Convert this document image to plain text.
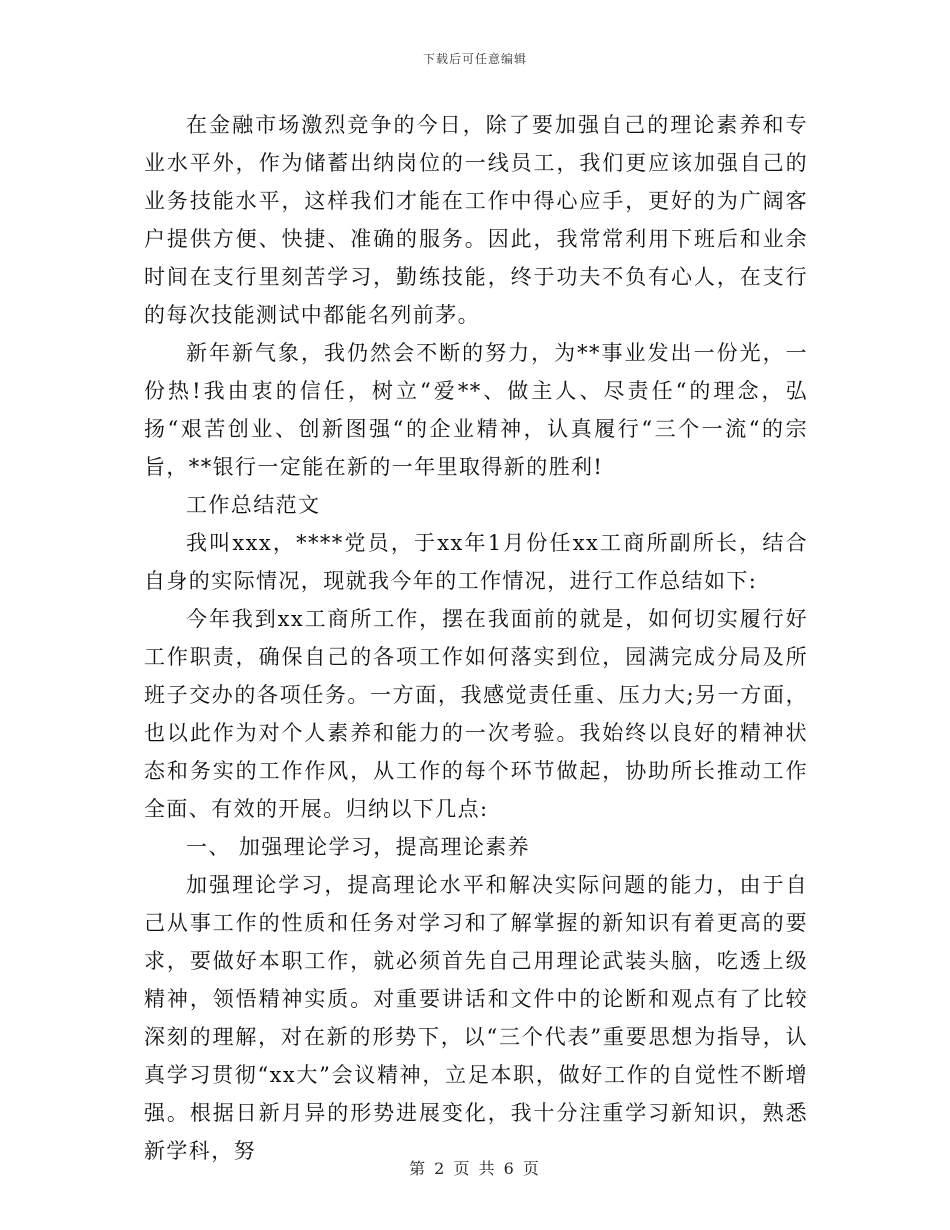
下载后可任意编辑

在金融市场激烈竞争的今日，除了要加强自己的理论素养和专业水平外，作为储蓄出纳岗位的一线员工，我们更应该加强自己的业务技能水平，这样我们才能在工作中得心应手，更好的为广阔客户提供方便、快捷、准确的服务。因此，我常常利用下班后和业余时间在支行里刻苦学习，勤练技能，终于功夫不负有心人，在支行的每次技能测试中都能名列前茅。

新年新气象，我仍然会不断的努力，为**事业发出一份光，一份热!我由衷的信任，树立“爱**、做主人、尽责任“的理念，弘扬“艰苦创业、创新图强“的企业精神，认真履行“三个一流“的宗旨，**银行一定能在新的一年里取得新的胜利!

工作总结范文

我叫xxx，****党员，于xx年1月份任xx工商所副所长，结合自身的实际情况，现就我今年的工作情况，进行工作总结如下:

今年我到xx工商所工作，摆在我面前的就是，如何切实履行好工作职责，确保自己的各项工作如何落实到位，园满完成分局及所班子交办的各项任务。一方面，我感觉责任重、压力大;另一方面，也以此作为对个人素养和能力的一次考验。我始终以良好的精神状态和务实的工作作风，从工作的每个环节做起，协助所长推动工作全面、有效的开展。归纳以下几点:

一、 加强理论学习，提高理论素养

加强理论学习，提高理论水平和解决实际问题的能力，由于自己从事工作的性质和任务对学习和了解掌握的新知识有着更高的要求，要做好本职工作，就必须首先自己用理论武装头脑，吃透上级精神，领悟精神实质。对重要讲话和文件中的论断和观点有了比较深刻的理解，对在新的形势下，以“三个代表”重要思想为指导，认真学习贯彻“xx大”会议精神，立足本职，做好工作的自觉性不断增强。根据日新月异的形势进展变化，我十分注重学习新知识，熟悉新学科，努

第 2 页 共 6 页
